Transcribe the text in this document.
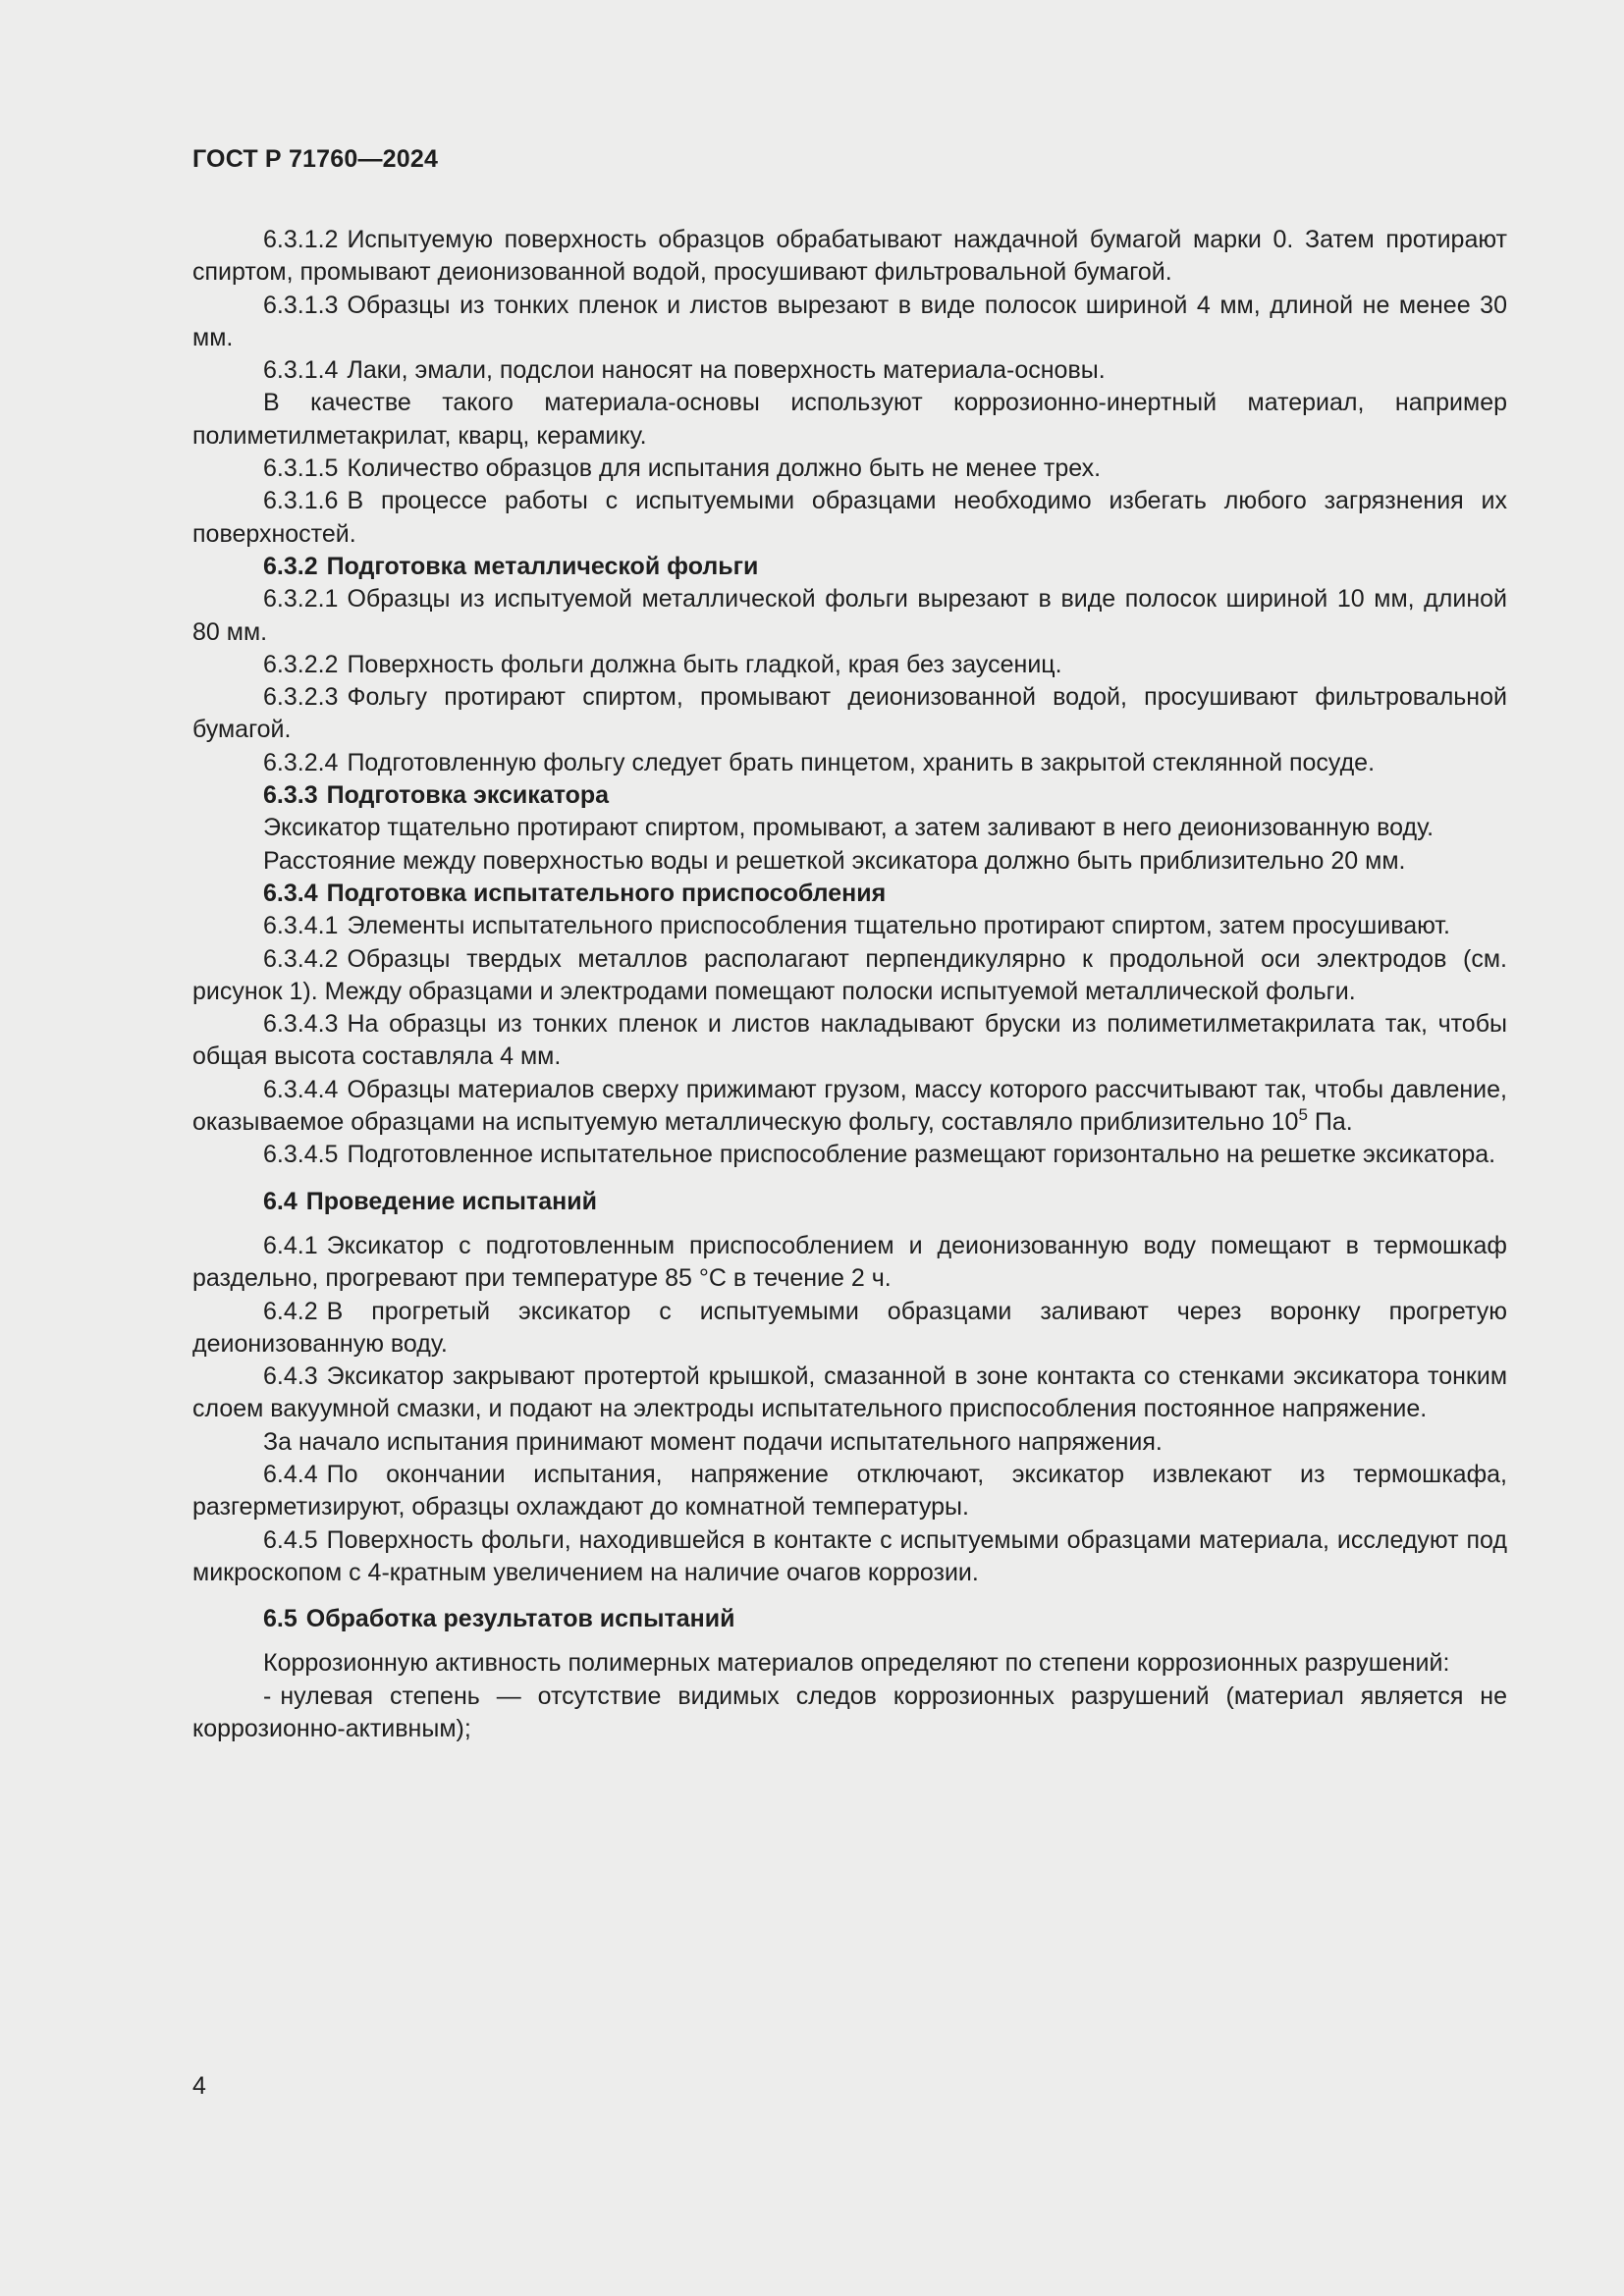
ГОСТ Р 71760—2024

6.3.1.2 Испытуемую поверхность образцов обрабатывают наждачной бумагой марки 0. Затем протирают спиртом, промывают деионизованной водой, просушивают фильтровальной бумагой.

6.3.1.3 Образцы из тонких пленок и листов вырезают в виде полосок шириной 4 мм, длиной не менее 30 мм.

6.3.1.4 Лаки, эмали, подслои наносят на поверхность материала-основы.

В качестве такого материала-основы используют коррозионно-инертный материал, например полиметилметакрилат, кварц, керамику.

6.3.1.5 Количество образцов для испытания должно быть не менее трех.

6.3.1.6 В процессе работы с испытуемыми образцами необходимо избегать любого загрязнения их поверхностей.

6.3.2 Подготовка металлической фольги

6.3.2.1 Образцы из испытуемой металлической фольги вырезают в виде полосок шириной 10 мм, длиной 80 мм.

6.3.2.2 Поверхность фольги должна быть гладкой, края без заусениц.

6.3.2.3 Фольгу протирают спиртом, промывают деионизованной водой, просушивают фильтровальной бумагой.

6.3.2.4 Подготовленную фольгу следует брать пинцетом, хранить в закрытой стеклянной посуде.

6.3.3 Подготовка эксикатора

Эксикатор тщательно протирают спиртом, промывают, а затем заливают в него деионизованную воду.

Расстояние между поверхностью воды и решеткой эксикатора должно быть приблизительно 20 мм.

6.3.4 Подготовка испытательного приспособления

6.3.4.1 Элементы испытательного приспособления тщательно протирают спиртом, затем просушивают.

6.3.4.2 Образцы твердых металлов располагают перпендикулярно к продольной оси электродов (см. рисунок 1). Между образцами и электродами помещают полоски испытуемой металлической фольги.

6.3.4.3 На образцы из тонких пленок и листов накладывают бруски из полиметилметакрилата так, чтобы общая высота составляла 4 мм.

6.3.4.4 Образцы материалов сверху прижимают грузом, массу которого рассчитывают так, чтобы давление, оказываемое образцами на испытуемую металлическую фольгу, составляло приблизительно $10^5$ Па.

6.3.4.5 Подготовленное испытательное приспособление размещают горизонтально на решетке эксикатора.

6.4 Проведение испытаний

6.4.1 Эксикатор с подготовленным приспособлением и деионизованную воду помещают в термошкаф раздельно, прогревают при температуре 85 °С в течение 2 ч.

6.4.2 В прогретый эксикатор с испытуемыми образцами заливают через воронку прогретую деионизованную воду.

6.4.3 Эксикатор закрывают протертой крышкой, смазанной в зоне контакта со стенками эксикатора тонким слоем вакуумной смазки, и подают на электроды испытательного приспособления постоянное напряжение.

За начало испытания принимают момент подачи испытательного напряжения.

6.4.4 По окончании испытания, напряжение отключают, эксикатор извлекают из термошкафа, разгерметизируют, образцы охлаждают до комнатной температуры.

6.4.5 Поверхность фольги, находившейся в контакте с испытуемыми образцами материала, исследуют под микроскопом с 4-кратным увеличением на наличие очагов коррозии.

6.5 Обработка результатов испытаний

Коррозионную активность полимерных материалов определяют по степени коррозионных разрушений:

- нулевая степень — отсутствие видимых следов коррозионных разрушений (материал является не коррозионно-активным);

4
